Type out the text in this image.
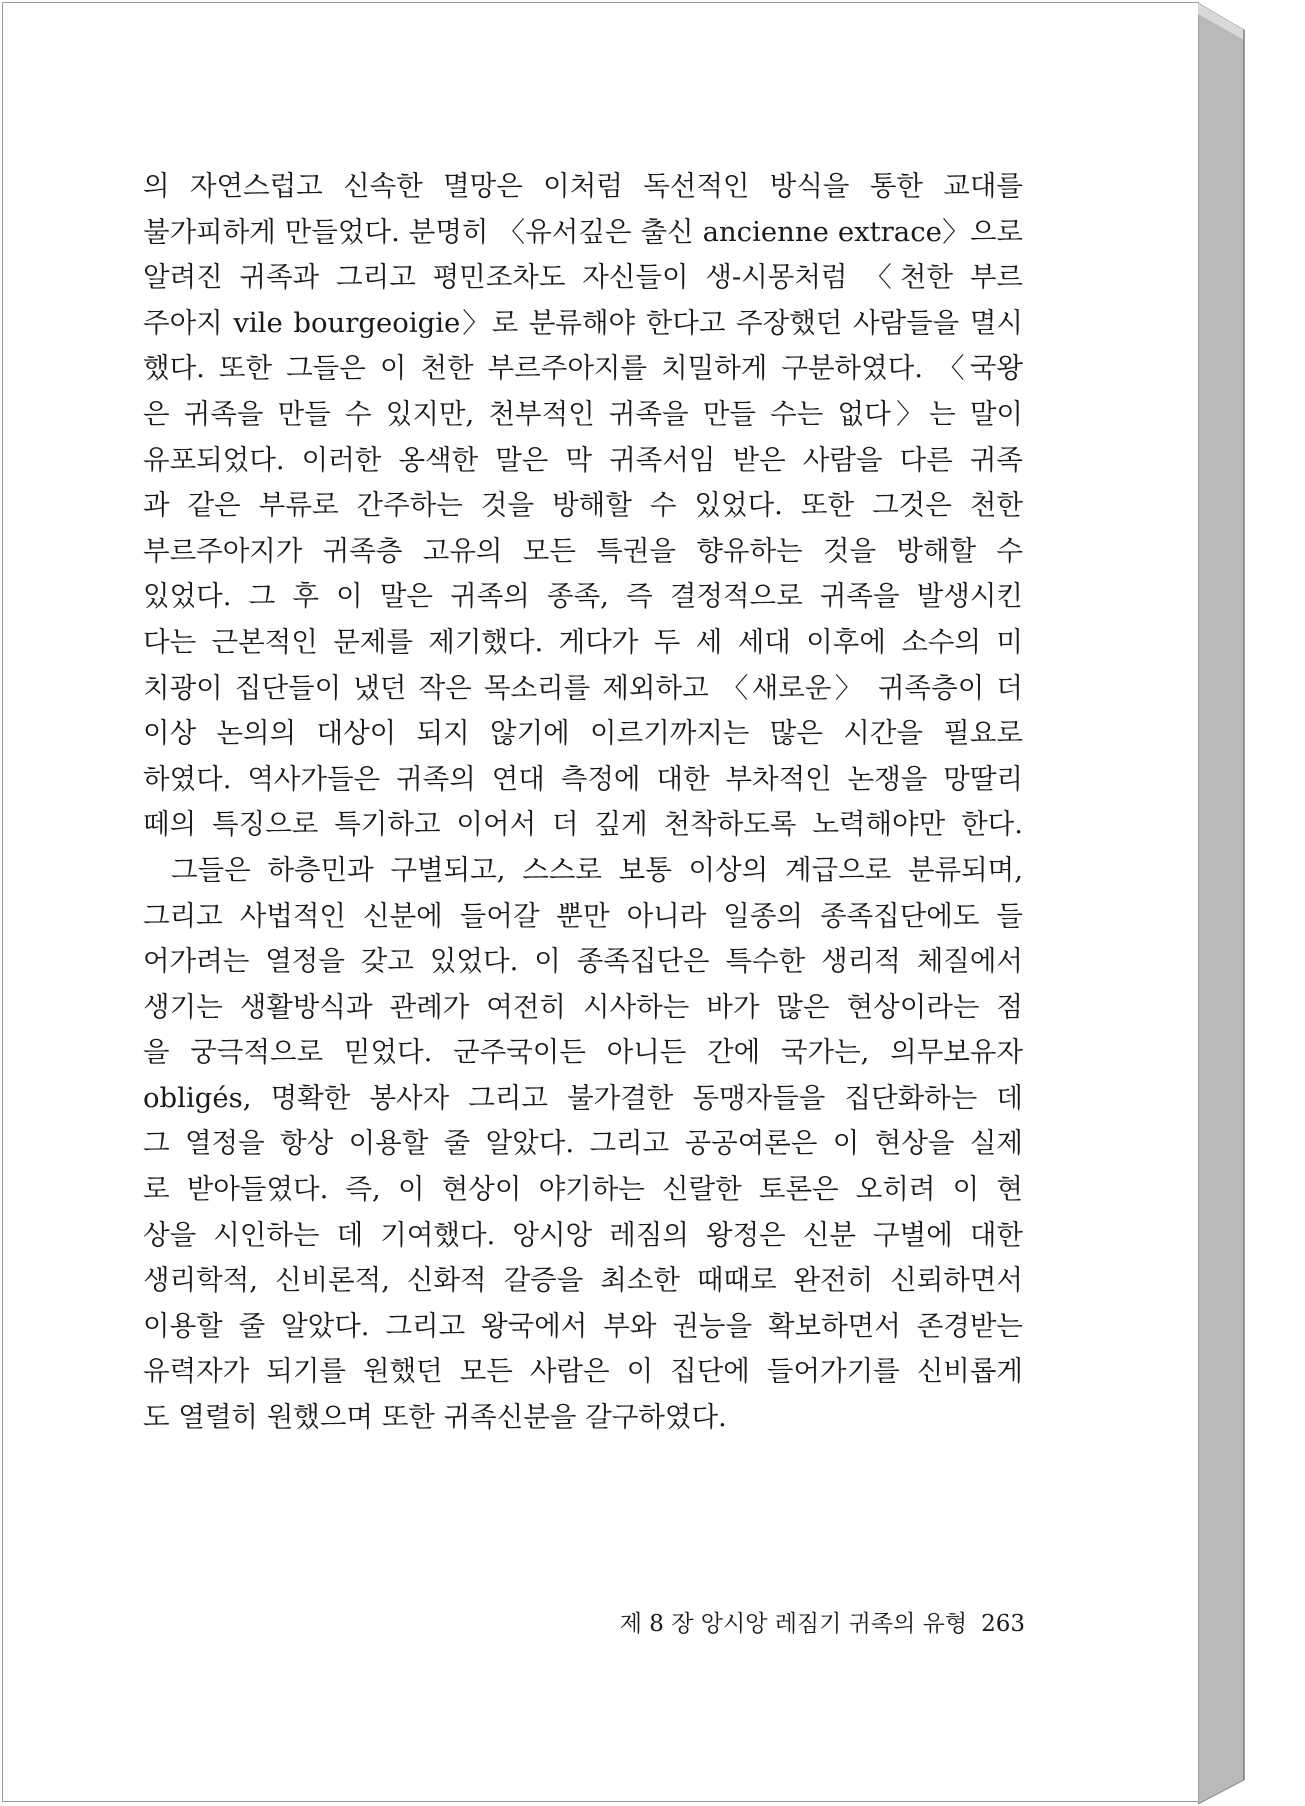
의 자연스럽고 신속한 멸망은 이처럼 독선적인 방식을 통한 교대를
불가피하게 만들었다. 분명히 〈유서깊은 출신 ancienne extrace〉으로
알려진 귀족과 그리고 평민조차도 자신들이 생-시몽처럼 〈천한 부르
주아지 vile bourgeoigie〉로 분류해야 한다고 주장했던 사람들을 멸시
했다. 또한 그들은 이 천한 부르주아지를 치밀하게 구분하였다. 〈국왕
은 귀족을 만들 수 있지만, 천부적인 귀족을 만들 수는 없다〉는 말이
유포되었다. 이러한 옹색한 말은 막 귀족서임 받은 사람을 다른 귀족
과 같은 부류로 간주하는 것을 방해할 수 있었다. 또한 그것은 천한
부르주아지가 귀족층 고유의 모든 특권을 향유하는 것을 방해할 수
있었다. 그 후 이 말은 귀족의 종족, 즉 결정적으로 귀족을 발생시킨
다는 근본적인 문제를 제기했다. 게다가 두 세 세대 이후에 소수의 미
치광이 집단들이 냈던 작은 목소리를 제외하고 〈새로운〉 귀족층이 더
이상 논의의 대상이 되지 않기에 이르기까지는 많은 시간을 필요로
하였다. 역사가들은 귀족의 연대 측정에 대한 부차적인 논쟁을 망딸리
떼의 특징으로 특기하고 이어서 더 깊게 천착하도록 노력해야만 한다.
그들은 하층민과 구별되고, 스스로 보통 이상의 계급으로 분류되며,
그리고 사법적인 신분에 들어갈 뿐만 아니라 일종의 종족집단에도 들
어가려는 열정을 갖고 있었다. 이 종족집단은 특수한 생리적 체질에서
생기는 생활방식과 관례가 여전히 시사하는 바가 많은 현상이라는 점
을 궁극적으로 믿었다. 군주국이든 아니든 간에 국가는, 의무보유자
obligés, 명확한 봉사자 그리고 불가결한 동맹자들을 집단화하는 데
그 열정을 항상 이용할 줄 알았다. 그리고 공공여론은 이 현상을 실제
로 받아들였다. 즉, 이 현상이 야기하는 신랄한 토론은 오히려 이 현
상을 시인하는 데 기여했다. 앙시앙 레짐의 왕정은 신분 구별에 대한
생리학적, 신비론적, 신화적 갈증을 최소한 때때로 완전히 신뢰하면서
이용할 줄 알았다. 그리고 왕국에서 부와 권능을 확보하면서 존경받는
유력자가 되기를 원했던 모든 사람은 이 집단에 들어가기를 신비롭게
도 열렬히 원했으며 또한 귀족신분을 갈구하였다.
제 8 장 앙시앙 레짐기 귀족의 유형 263
